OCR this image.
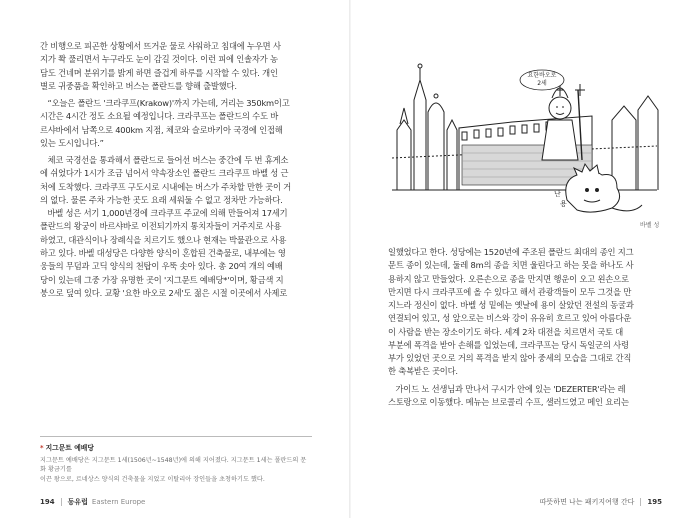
간 비행으로 피곤한 상황에서 뜨거운 물로 샤워하고 침대에 누우면 사

지가 쫙 풀리면서 누구라도 눈이 감길 것이다. 이런 피에 인솔자가 농

담도 건네며 분위기를 밝게 하면 즐겁게 하루를 시작할 수 있다. 개인

별로 귀중품을 확인하고 버스는 폴란드를 향해 출발했다.

“오늘은 폴란드 '크라쿠프(Krakow)'까지 가는데, 거리는 350km이고

시간은 4시간 정도 소요될 예정입니다. 크라쿠프는 폴란드의 수도 바

르샤바에서 남쪽으로 400km 지점, 체코와 슬로바키아 국경에 인접해

있는 도시입니다.”

체코 국경선을 통과해서 폴란드로 들어선 버스는 중간에 두 번 휴게소

에 쉬었다가 1시가 조금 넘어서 약속장소인 폴란드 크라쿠프 바벨 성 근

처에 도착했다. 크라쿠프 구도시로 시내에는 버스가 주차할 만한 곳이 거

의 없다. 물론 주차 가능한 곳도 요래 세워둘 수 없고 정차만 가능하다.

바벨 성은 서기 1,000년경에 크라쿠프 주교에 의해 만들어져 17세기

폴란드의 왕궁이 바르샤바로 이전되기까지 통치자들이 거주지로 사용

하였고, 대관식이나 장례식을 치르기도 했으나 현재는 박물관으로 사용

하고 있다. 바벨 대성당은 다양한 양식이 혼합된 건축물로, 내부에는 영

웅들의 무덤과 고딕 양식의 천탑이 우뚝 솟아 있다. 총 20여 개의 예배

당이 있는데 그중 가장 유명한 곳이 '지그문트 예배당*'이며, 황금색 지

붕으로 덮여 있다. 교황 '요한 바오로 2세'도 젊은 시절 이곳에서 사제로

* 지그문트 예배당
지그문트 예배당은 지그문트 1세(1506년~1548년)에 의해 지어졌다. 지그문트 1세는 폴란드의 문화 황금기를
이끈 왕으로, 르네상스 양식의 건축물을 지었고 이탈리아 장인들을 초청하기도 했다.
194 동유럽 Eastern Europe
요한바오로
2세
난
용
바벨 성

일했었다고 한다. 성당에는 1520년에 주조된 폴란드 최대의 종인 지그

문트 종이 있는데, 둘레 8m의 종을 치면 울린다고 하는 못을 하나도 사

용하지 않고 만들었다. 오른손으로 종을 만지면 행운이 오고 왼손으로

만지면 다시 크라쿠프에 올 수 있다고 해서 관광객들이 모두 그것을 만

지느라 정신이 없다. 바벨 성 밑에는 옛날에 용이 살았던 전설의 동굴과

연결되어 있고, 성 앞으로는 비스와 강이 유유히 흐르고 있어 아름다운

이 사람을 반는 장소이기도 하다. 세계 2차 대전을 치르면서 국토 대

부분에 폭격을 받아 손해를 입었는데, 크라쿠프는 당시 독일군의 사령

부가 있었던 곳으로 거의 폭격을 받지 않아 중세의 모습을 그대로 간직

한 축복받은 곳이다.

가이드 노 선생님과 만나서 구시가 안에 있는 'DEZERTER'라는 레

스토랑으로 이동했다. 메뉴는 브로콜리 수프, 샐러드였고 메인 요리는

따뜻하면 나는 패키지여행 간다 195
